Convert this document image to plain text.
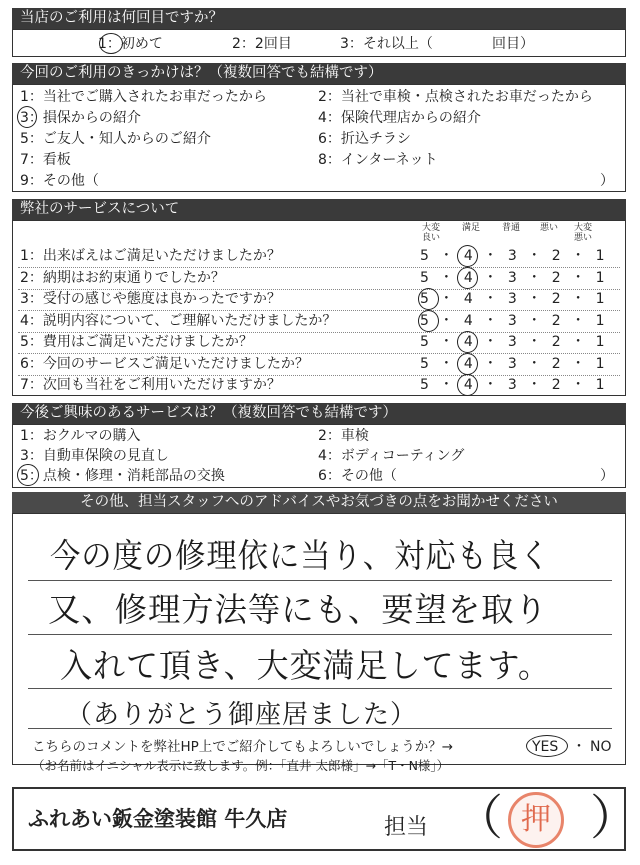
当店のご利用は何回目ですか？
1：初めて	2：2回目	3：それ以上（	回目）
今回のご利用のきっかけは？（複数回答でも結構です）
1：当社でご購入されたお車だったから	2：当社で車検・点検されたお車だったから
3：損保からの紹介	4：保険代理店からの紹介
5：ご友人・知人からのご紹介	6：折込チラシ
7：看板	8：インターネット
9：その他（	）
弊社のサービスについて
大変
良い
満足	普通	悪い	大変
悪い
1：出来ばえはご満足いただけましたか？	5・4・3・2・1
2：納期はお約束通りでしたか？	5・4・3・2・1
3：受付の感じや態度は良かったですか？	5・4・3・2・1
4：説明内容について、ご理解いただけましたか？	5・4・3・2・1
5：費用はご満足いただけましたか？	5・4・3・2・1
6：今回のサービスご満足いただけましたか？	5・4・3・2・1
7：次回も当社をご利用いただけますか？	5・4・3・2・1
今後ご興味のあるサービスは？（複数回答でも結構です）
1：おクルマの購入	2：車検
3：自動車保険の見直し	4：ボディコーティング
5：点検・修理・消耗部品の交換	6：その他（	）
その他、担当スタッフへのアドバイスやお気づきの点をお聞かせください
今の度の修理依に当り、対応も良く
又、修理方法等にも、要望を取り
入れて頂き、大変満足してます。
（ありがとう御座居ました）
こちらのコメントを弊社HP上でご紹介してもよろしいでしょうか？→	YES ・ NO
（お名前はイニシャル表示に致します。例：「直井 太郎様」→「T・N様」）
ふれあい鈑金塗装館 牛久店	担当 （ ）
押
